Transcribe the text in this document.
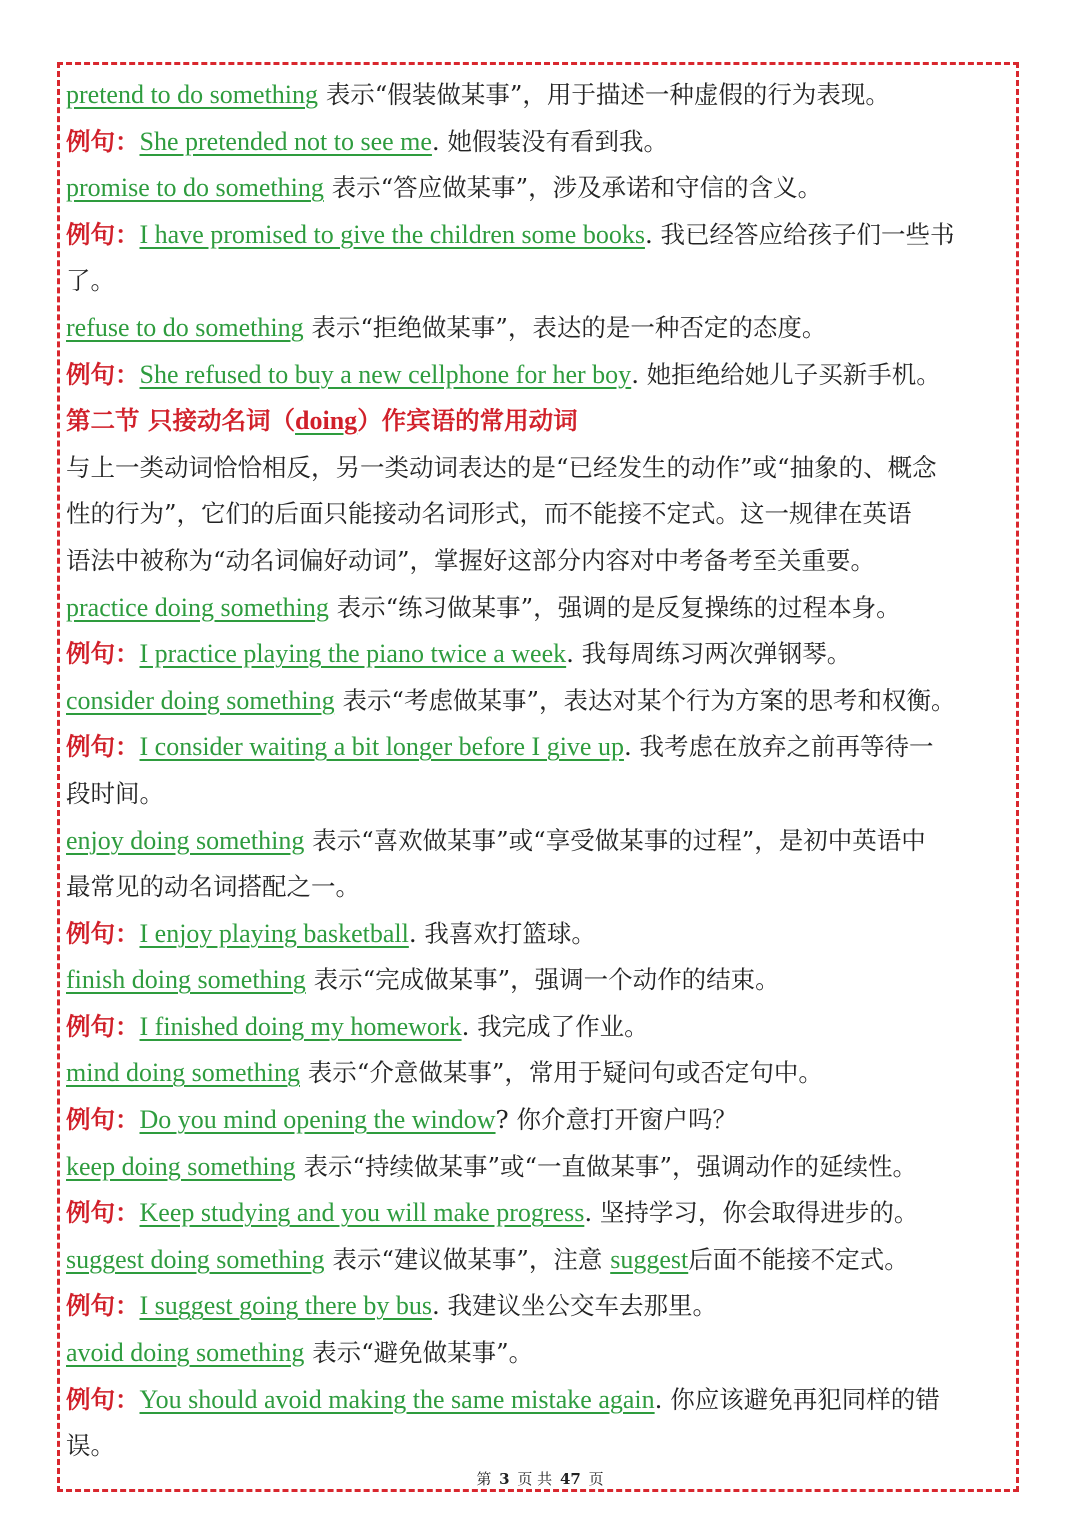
pretend to do something 表示“假装做某事”，用于描述一种虚假的行为表现。
例句：She pretended not to see me. 她假装没有看到我。
promise to do something 表示“答应做某事”，涉及承诺和守信的含义。
例句：I have promised to give the children some books. 我已经答应给孩子们一些书
了。
refuse to do something 表示“拒绝做某事”，表达的是一种否定的态度。
例句：She refused to buy a new cellphone for her boy. 她拒绝给她儿子买新手机。
第二节 只接动名词（doing）作宾语的常用动词
与上一类动词恰恰相反，另一类动词表达的是“已经发生的动作”或“抽象的、概念
性的行为”，它们的后面只能接动名词形式，而不能接不定式。这一规律在英语
语法中被称为“动名词偏好动词”，掌握好这部分内容对中考备考至关重要。
practice doing something 表示“练习做某事”，强调的是反复操练的过程本身。
例句：I practice playing the piano twice a week. 我每周练习两次弹钢琴。
consider doing something 表示“考虑做某事”，表达对某个行为方案的思考和权衡。
例句：I consider waiting a bit longer before I give up. 我考虑在放弃之前再等待一
段时间。
enjoy doing something 表示“喜欢做某事”或“享受做某事的过程”，是初中英语中
最常见的动名词搭配之一。
例句：I enjoy playing basketball. 我喜欢打篮球。
finish doing something 表示“完成做某事”，强调一个动作的结束。
例句：I finished doing my homework. 我完成了作业。
mind doing something 表示“介意做某事”，常用于疑问句或否定句中。
例句：Do you mind opening the window? 你介意打开窗户吗？
keep doing something 表示“持续做某事”或“一直做某事”，强调动作的延续性。
例句：Keep studying and you will make progress. 坚持学习，你会取得进步的。
suggest doing something 表示“建议做某事”，注意 suggest后面不能接不定式。
例句：I suggest going there by bus. 我建议坐公交车去那里。
avoid doing something 表示“避免做某事”。
例句：You should avoid making the same mistake again. 你应该避免再犯同样的错
误。
第 3 页 共 47 页
